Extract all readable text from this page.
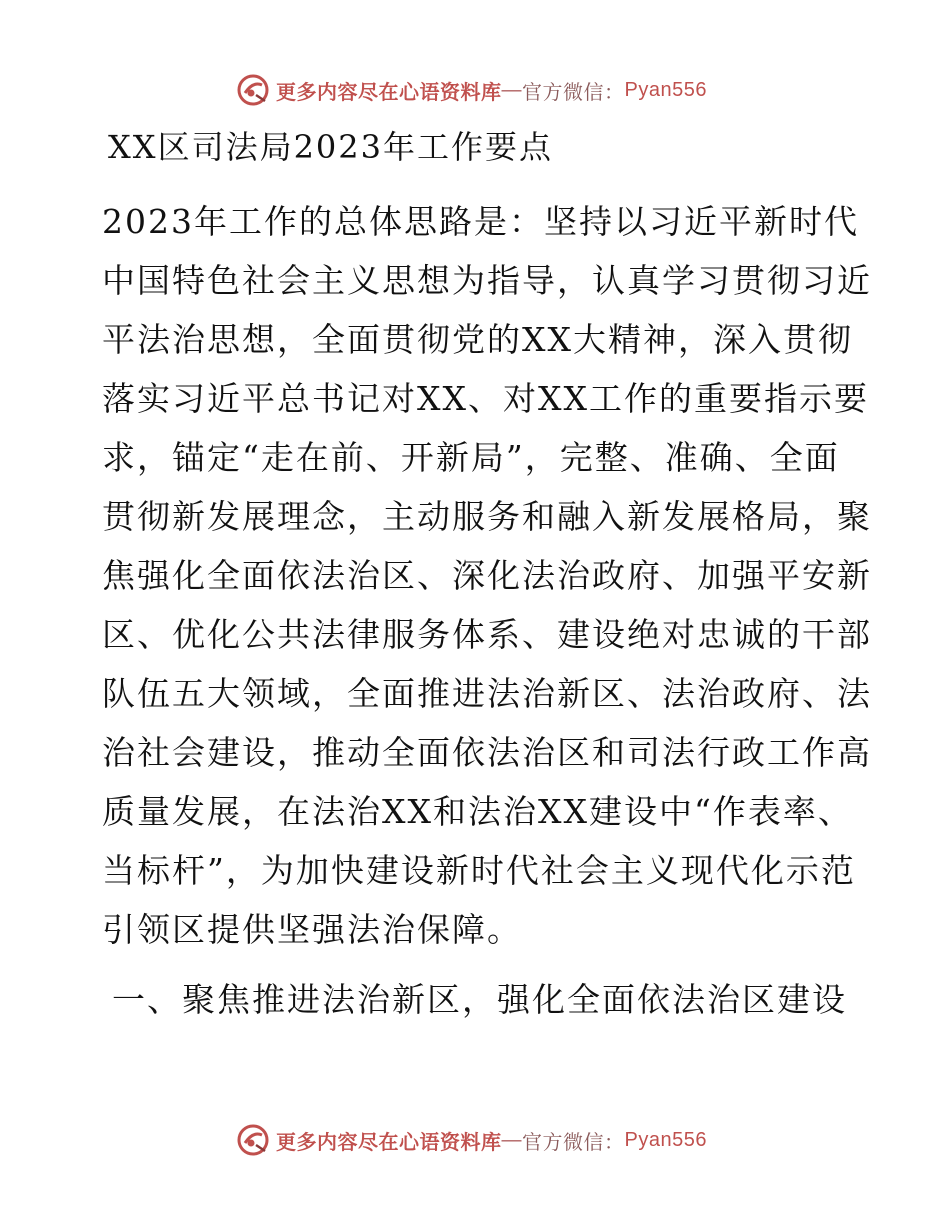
更多内容尽在心语资料库 — 官方微信： Pyan556
XX区司法局2023年工作要点
2023年工作的总体思路是：坚持以习近平新时代
中国特色社会主义思想为指导，认真学习贯彻习近
平法治思想，全面贯彻党的XX大精神，深入贯彻
落实习近平总书记对XX、对XX工作的重要指示要
求，锚定“走在前、开新局”，完整、准确、全面
贯彻新发展理念，主动服务和融入新发展格局，聚
焦强化全面依法治区、深化法治政府、加强平安新
区、优化公共法律服务体系、建设绝对忠诚的干部
队伍五大领域，全面推进法治新区、法治政府、法
治社会建设，推动全面依法治区和司法行政工作高
质量发展，在法治XX和法治XX建设中“作表率、
当标杆”，为加快建设新时代社会主义现代化示范
引领区提供坚强法治保障。
一、聚焦推进法治新区，强化全面依法治区建设
更多内容尽在心语资料库 — 官方微信： Pyan556
